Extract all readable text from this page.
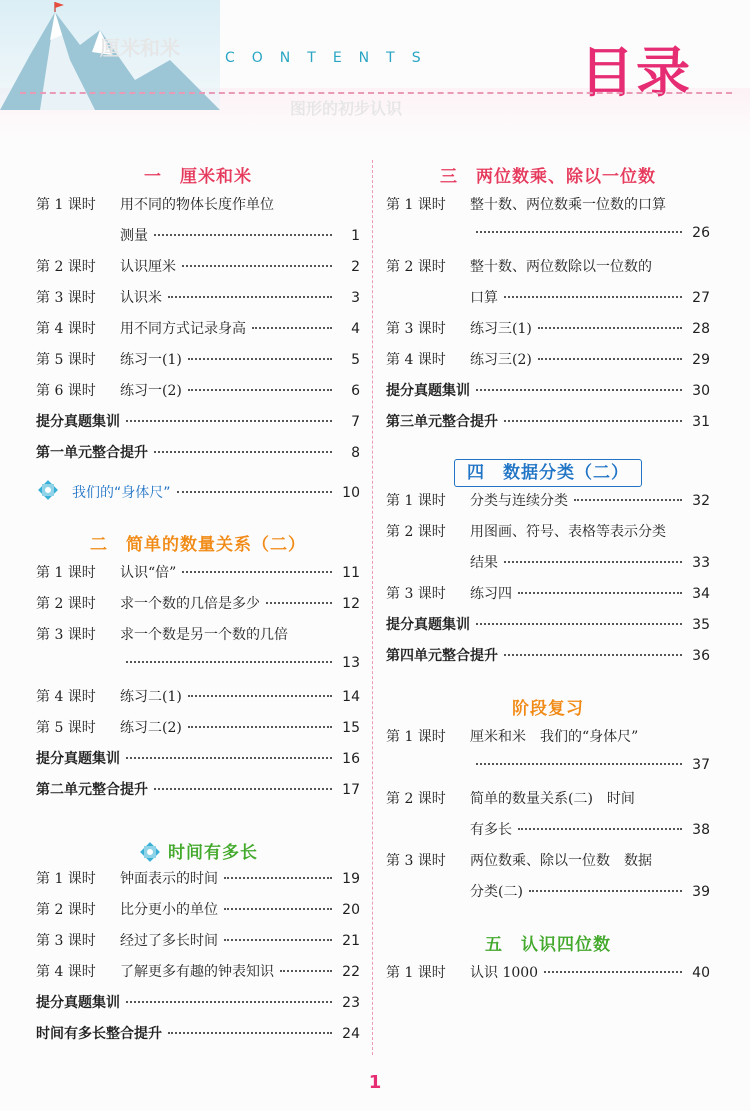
厘米和米
图形的初步认识
CONTENTS	目录
一 厘米和米
第 1 课时	用不同的物体长度作单位
测量	1
第 2 课时	认识厘米	2
第 3 课时	认识米	3
第 4 课时	用不同方式记录身高	4
第 5 课时	练习一(1)	5
第 6 课时	练习一(2)	6
提分真题集训	7
第一单元整合提升	8
我们的“身体尺”	10
二 简单的数量关系（二）
第 1 课时	认识“倍”	11
第 2 课时	求一个数的几倍是多少	12
第 3 课时	求一个数是另一个数的几倍
13
第 4 课时	练习二(1)	14
第 5 课时	练习二(2)	15
提分真题集训	16
第二单元整合提升	17
时间有多长
第 1 课时	钟面表示的时间	19
第 2 课时	比分更小的单位	20
第 3 课时	经过了多长时间	21
第 4 课时	了解更多有趣的钟表知识	22
提分真题集训	23
时间有多长整合提升	24
三 两位数乘、除以一位数
第 1 课时	整十数、两位数乘一位数的口算
26
第 2 课时	整十数、两位数除以一位数的
口算	27
第 3 课时	练习三(1)	28
第 4 课时	练习三(2)	29
提分真题集训	30
第三单元整合提升	31
四 数据分类（二）
第 1 课时	分类与连续分类	32
第 2 课时	用图画、符号、表格等表示分类
结果	33
第 3 课时	练习四	34
提分真题集训	35
第四单元整合提升	36
阶段复习
第 1 课时	厘米和米　我们的“身体尺”
37
第 2 课时	简单的数量关系(二)　时间
有多长	38
第 3 课时	两位数乘、除以一位数　数据
分类(二)	39
五 认识四位数
第 1 课时	认识 1000	40
1
